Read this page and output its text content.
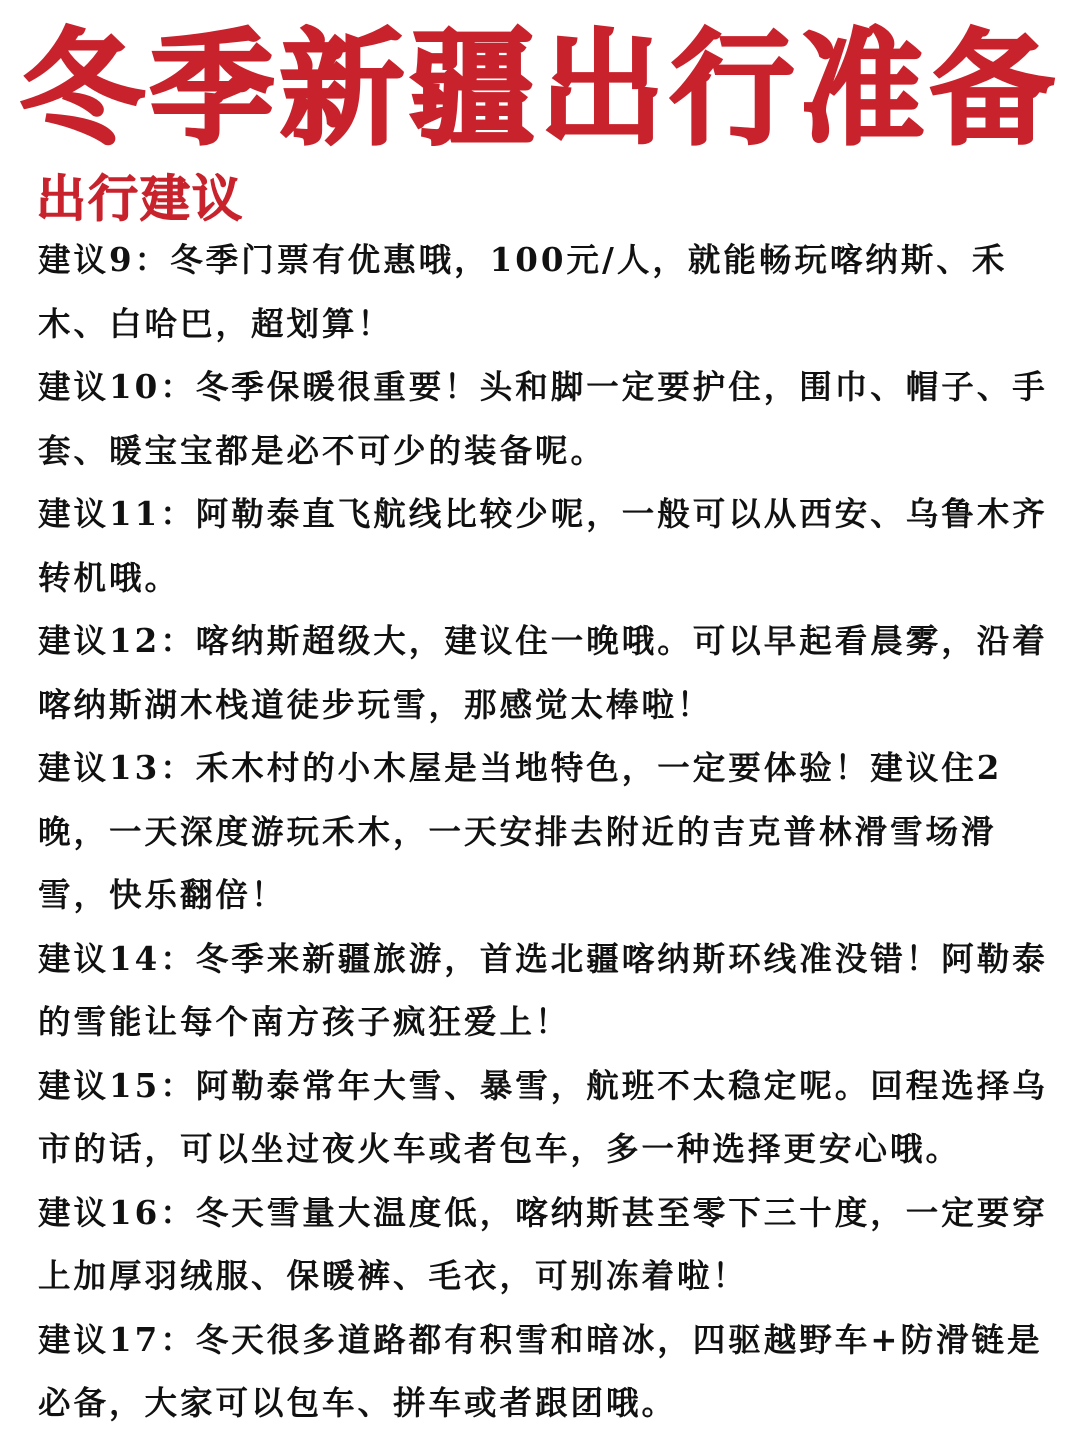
冬季新疆出行准备
出行建议
建议9：冬季门票有优惠哦，100元/人，就能畅玩喀纳斯、禾木、白哈巴，超划算！
建议10：冬季保暖很重要！头和脚一定要护住，围巾、帽子、手套、暖宝宝都是必不可少的装备呢。
建议11：阿勒泰直飞航线比较少呢，一般可以从西安、乌鲁木齐转机哦。
建议12：喀纳斯超级大，建议住一晚哦。可以早起看晨雾，沿着喀纳斯湖木栈道徒步玩雪，那感觉太棒啦！
建议13：禾木村的小木屋是当地特色，一定要体验！建议住2晚，一天深度游玩禾木，一天安排去附近的吉克普林滑雪场滑雪，快乐翻倍！
建议14：冬季来新疆旅游，首选北疆喀纳斯环线准没错！阿勒泰的雪能让每个南方孩子疯狂爱上！
建议15：阿勒泰常年大雪、暴雪，航班不太稳定呢。回程选择乌市的话，可以坐过夜火车或者包车，多一种选择更安心哦。
建议16：冬天雪量大温度低，喀纳斯甚至零下三十度，一定要穿上加厚羽绒服、保暖裤、毛衣，可别冻着啦！
建议17：冬天很多道路都有积雪和暗冰，四驱越野车+防滑链是必备，大家可以包车、拼车或者跟团哦。
